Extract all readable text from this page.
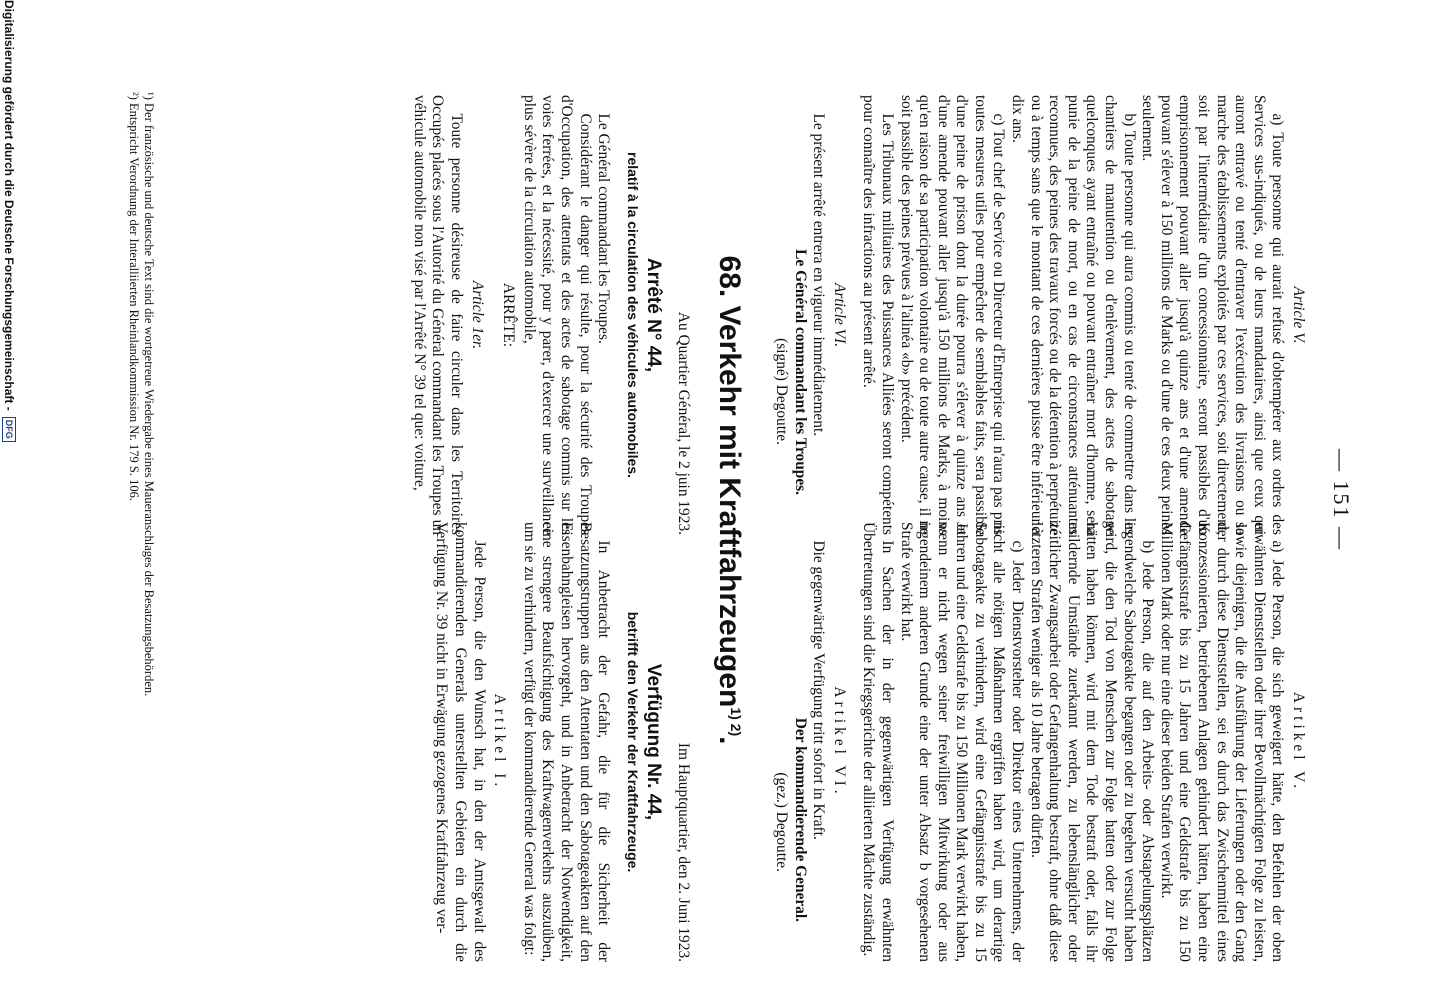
— 151 —

Article V.

a) Toute personne qui aurait refusé d'obtempérer aux ordres des Services sus-indiqués, ou de leurs mandataires, ainsi que ceux qui auront entravé ou tenté d'entraver l'exécution des livraisons ou la marche des établissements exploités par ces services, soit directement, soit par l'intermédiaire d'un concessionnaire, seront passibles d'un emprisonnement pouvant aller jusqu'à quinze ans et d'une amende pouvant s'élever à 150 millions de Marks ou d'une de ces deux peines seulement.

b) Toute personne qui aura commis ou tenté de commettre dans les chantiers de manutention ou d'enlèvement, des actes de sabotage quelconques ayant entraîné ou pouvant entraîner mort d'homme, sera punie de la peine de mort, ou en cas de circonstances atténuantes reconnues, des peines des travaux forcés ou de la détention à perpétuité ou à temps sans que le montant de ces dernières puisse être inférieur à dix ans.

c) Tout chef de Service ou Directeur d'Entreprise qui n'aura pas pris toutes mesures utiles pour empêcher de semblables faits, sera passible d'une peine de prison dont la durée pourra s'élever à quinze ans et d'une amende pouvant aller jusqu'à 150 millions de Marks, à moins qu'en raison de sa participation volontaire ou de toute autre cause, il ne soit passible des peines prévues à l'alinéa «b» précédent.

Les Tribunaux militaires des Puissances Alliées seront compétents pour connaître des infractions au présent arrêté.

Article VI.

Le présent arrêté entrera en vigueur immédiatement.

Le Général commandant les Troupes.

(signé) Degoutte.

Artikel V.

a) Jede Person, die sich geweigert hätte, den Befehlen der oben erwähnten Dienststellen oder ihrer Bevollmächtigten Folge zu leisten, sowie diejenigen, die die Ausführung der Lieferungen oder den Gang der durch diese Dienststellen, sei es durch das Zwischenmittel eines Konzessionierten, betriebenen Anlagen gehindert hätten, haben eine Gefängnisstrafe bis zu 15 Jahren und eine Geldstrafe bis zu 150 Millionen Mark oder nur eine dieser beiden Strafen verwirkt.

b) Jede Person, die auf den Arbeits- oder Abstapelungsplätzen irgendwelche Sabotageakte begangen oder zu begehen versucht haben wird, die den Tod von Menschen zur Folge hatten oder zur Folge hätten haben können, wird mit dem Tode bestraft oder, falls ihr mildernde Umstände zuerkannt werden, zu lebenslänglicher oder zeitlicher Zwangsarbeit oder Gefangenhaltung bestraft, ohne daß diese letzteren Strafen weniger als 10 Jahre betragen dürfen.

c) Jeder Dienstvorsteher oder Direktor eines Unternehmens, der nicht alle nötigen Maßnahmen ergriffen haben wird, um derartige Sabotageakte zu verhindern, wird eine Gefängnisstrafe bis zu 15 Jahren und eine Geldstrafe bis zu 150 Millionen Mark verwirkt haben, wenn er nicht wegen seiner freiwilligen Mitwirkung oder aus irgendeinem anderen Grunde eine der unter Absatz b vorgesehenen Strafe verwirkt hat.

In Sachen der in der gegenwärtigen Verfügung erwähnten Übertretungen sind die Kriegsgerichte der alliierten Mächte zuständig.

Artikel VI.

Die gegenwärtige Verfügung tritt sofort in Kraft.

Der kommandierende General.

(gez.) Degoutte.

68. Verkehr mit Kraftfahrzeugen$^{1) 2)}$.

Au Quartier Général, le 2 juin 1923.

Arrêté N° 44,

relatif à la circulation des véhicules automobiles.

Le Général commandant les Troupes.

Considérant le danger qui résulte, pour la sécurité des Troupes d'Occupation, des attentats et des actes de sabotage commis sur les voies ferrées, et la nécessité, pour y parer, d'exercer une surveillance plus sévère de la circulation automobile,

ARRÊTE:

Article 1er.

Toute personne désireuse de faire circuler dans les Territoires Occupés placés sous l'Autorité du Général commandant les Troupes un véhicule automobile non visé par l'Arrêté N° 39 tel que: voiture,

Im Hauptquartier, den 2. Juni 1923.

Verfügung Nr. 44,

betrifft den Verkehr der Kraftfahrzeuge.

In Anbetracht der Gefahr, die für die Sicherheit der Besatzungstruppen aus den Attentaten und den Sabotageakten auf den Eisenbahngleisen hervorgeht, und in Anbetracht der Notwendigkeit, eine strengere Beaufsichtigung des Kraftwagenverkehrs auszuüben, um sie zu verhindern, verfügt der kommandierende General was folgt:

Artikel I.

Jede Person, die den Wunsch hat, in den der Amtsgewalt des kommandierenden Generals unterstellten Gebieten ein durch die Verfügung Nr. 39 nicht in Erwägung gezogenes Kraftfahrzeug ver-

¹) Der französische und deutsche Text sind die wortgetreue Wiedergabe eines Maueranschlages der Besatzungsbehörden.
²) Entspricht Verordnung der Interalliierten Rheinlandkommission Nr. 179 S. 106.
Digitalisierung gefördert durch die Deutsche Forschungsgemeinschaft -
DFG
